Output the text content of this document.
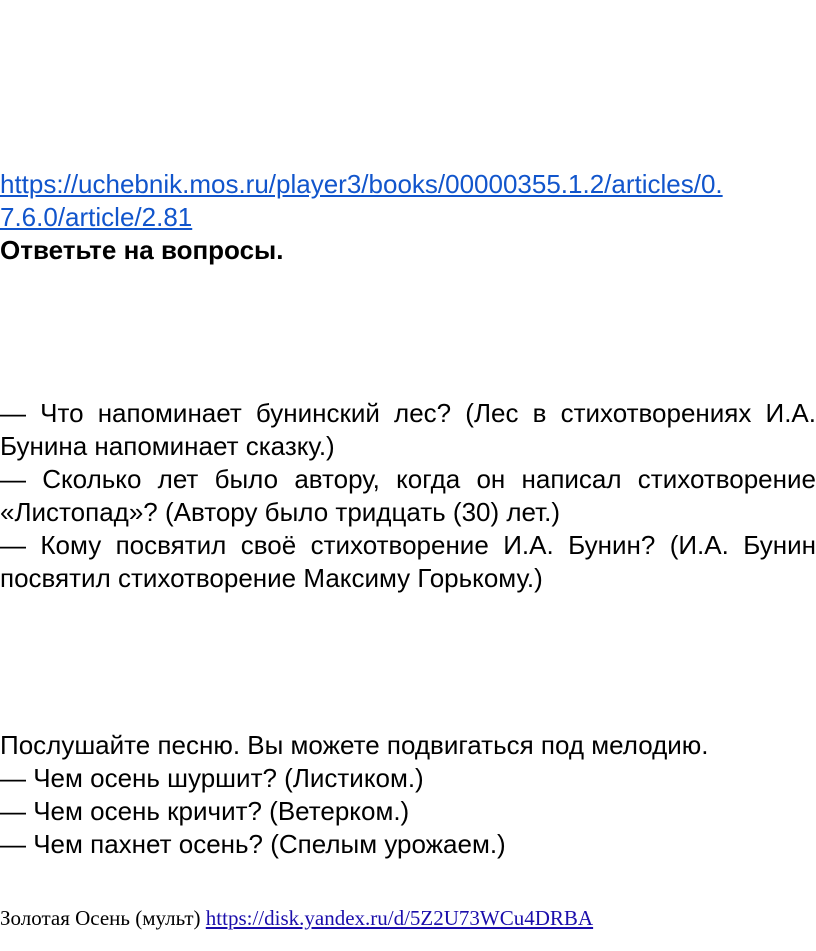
https://uchebnik.mos.ru/player3/books/00000355.1.2/articles/0.
7.6.0/article/2.81
Ответьте на вопросы.
— Что напоминает бунинский лес? (Лес в стихотворениях И.А. Бунина напоминает сказку.)
— Сколько лет было автору, когда он написал стихотворение «Листопад»? (Автору было тридцать (30) лет.)
— Кому посвятил своё стихотворение И.А. Бунин? (И.А. Бунин посвятил стихотворение Максиму Горькому.)
Послушайте песню. Вы можете подвигаться под мелодию.
— Чем осень шуршит? (Листиком.)
— Чем осень кричит? (Ветерком.)
— Чем пахнет осень? (Спелым урожаем.)
Золотая Осень (мульт) https://disk.yandex.ru/d/5Z2U73WCu4DRBA
